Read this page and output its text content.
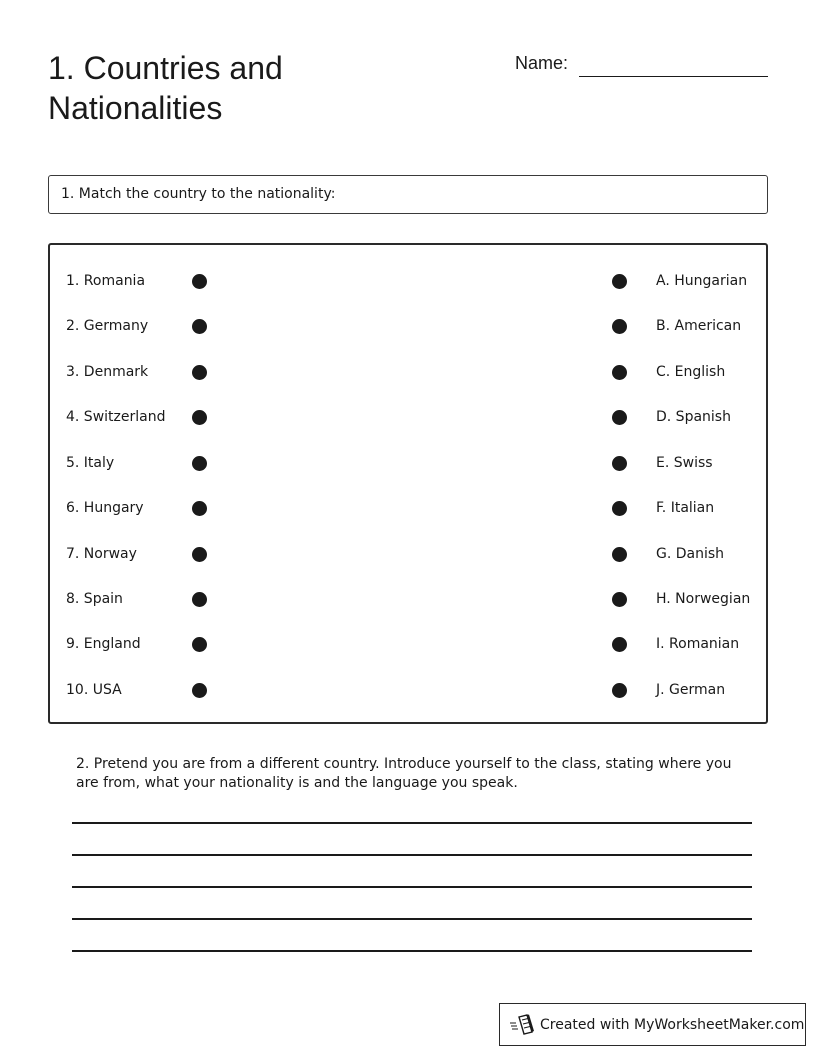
1. Countries and Nationalities
Name:
1. Match the country to the nationality:
1. Romania	A. Hungarian
2. Germany	B. American
3. Denmark	C. English
4. Switzerland	D. Spanish
5. Italy	E. Swiss
6. Hungary	F. Italian
7. Norway	G. Danish
8. Spain	H. Norwegian
9. England	I. Romanian
10. USA	J. German

2. Pretend you are from a different country. Introduce yourself to the class, stating where you are from, what your nationality is and the language you speak.

Created with MyWorksheetMaker.com
